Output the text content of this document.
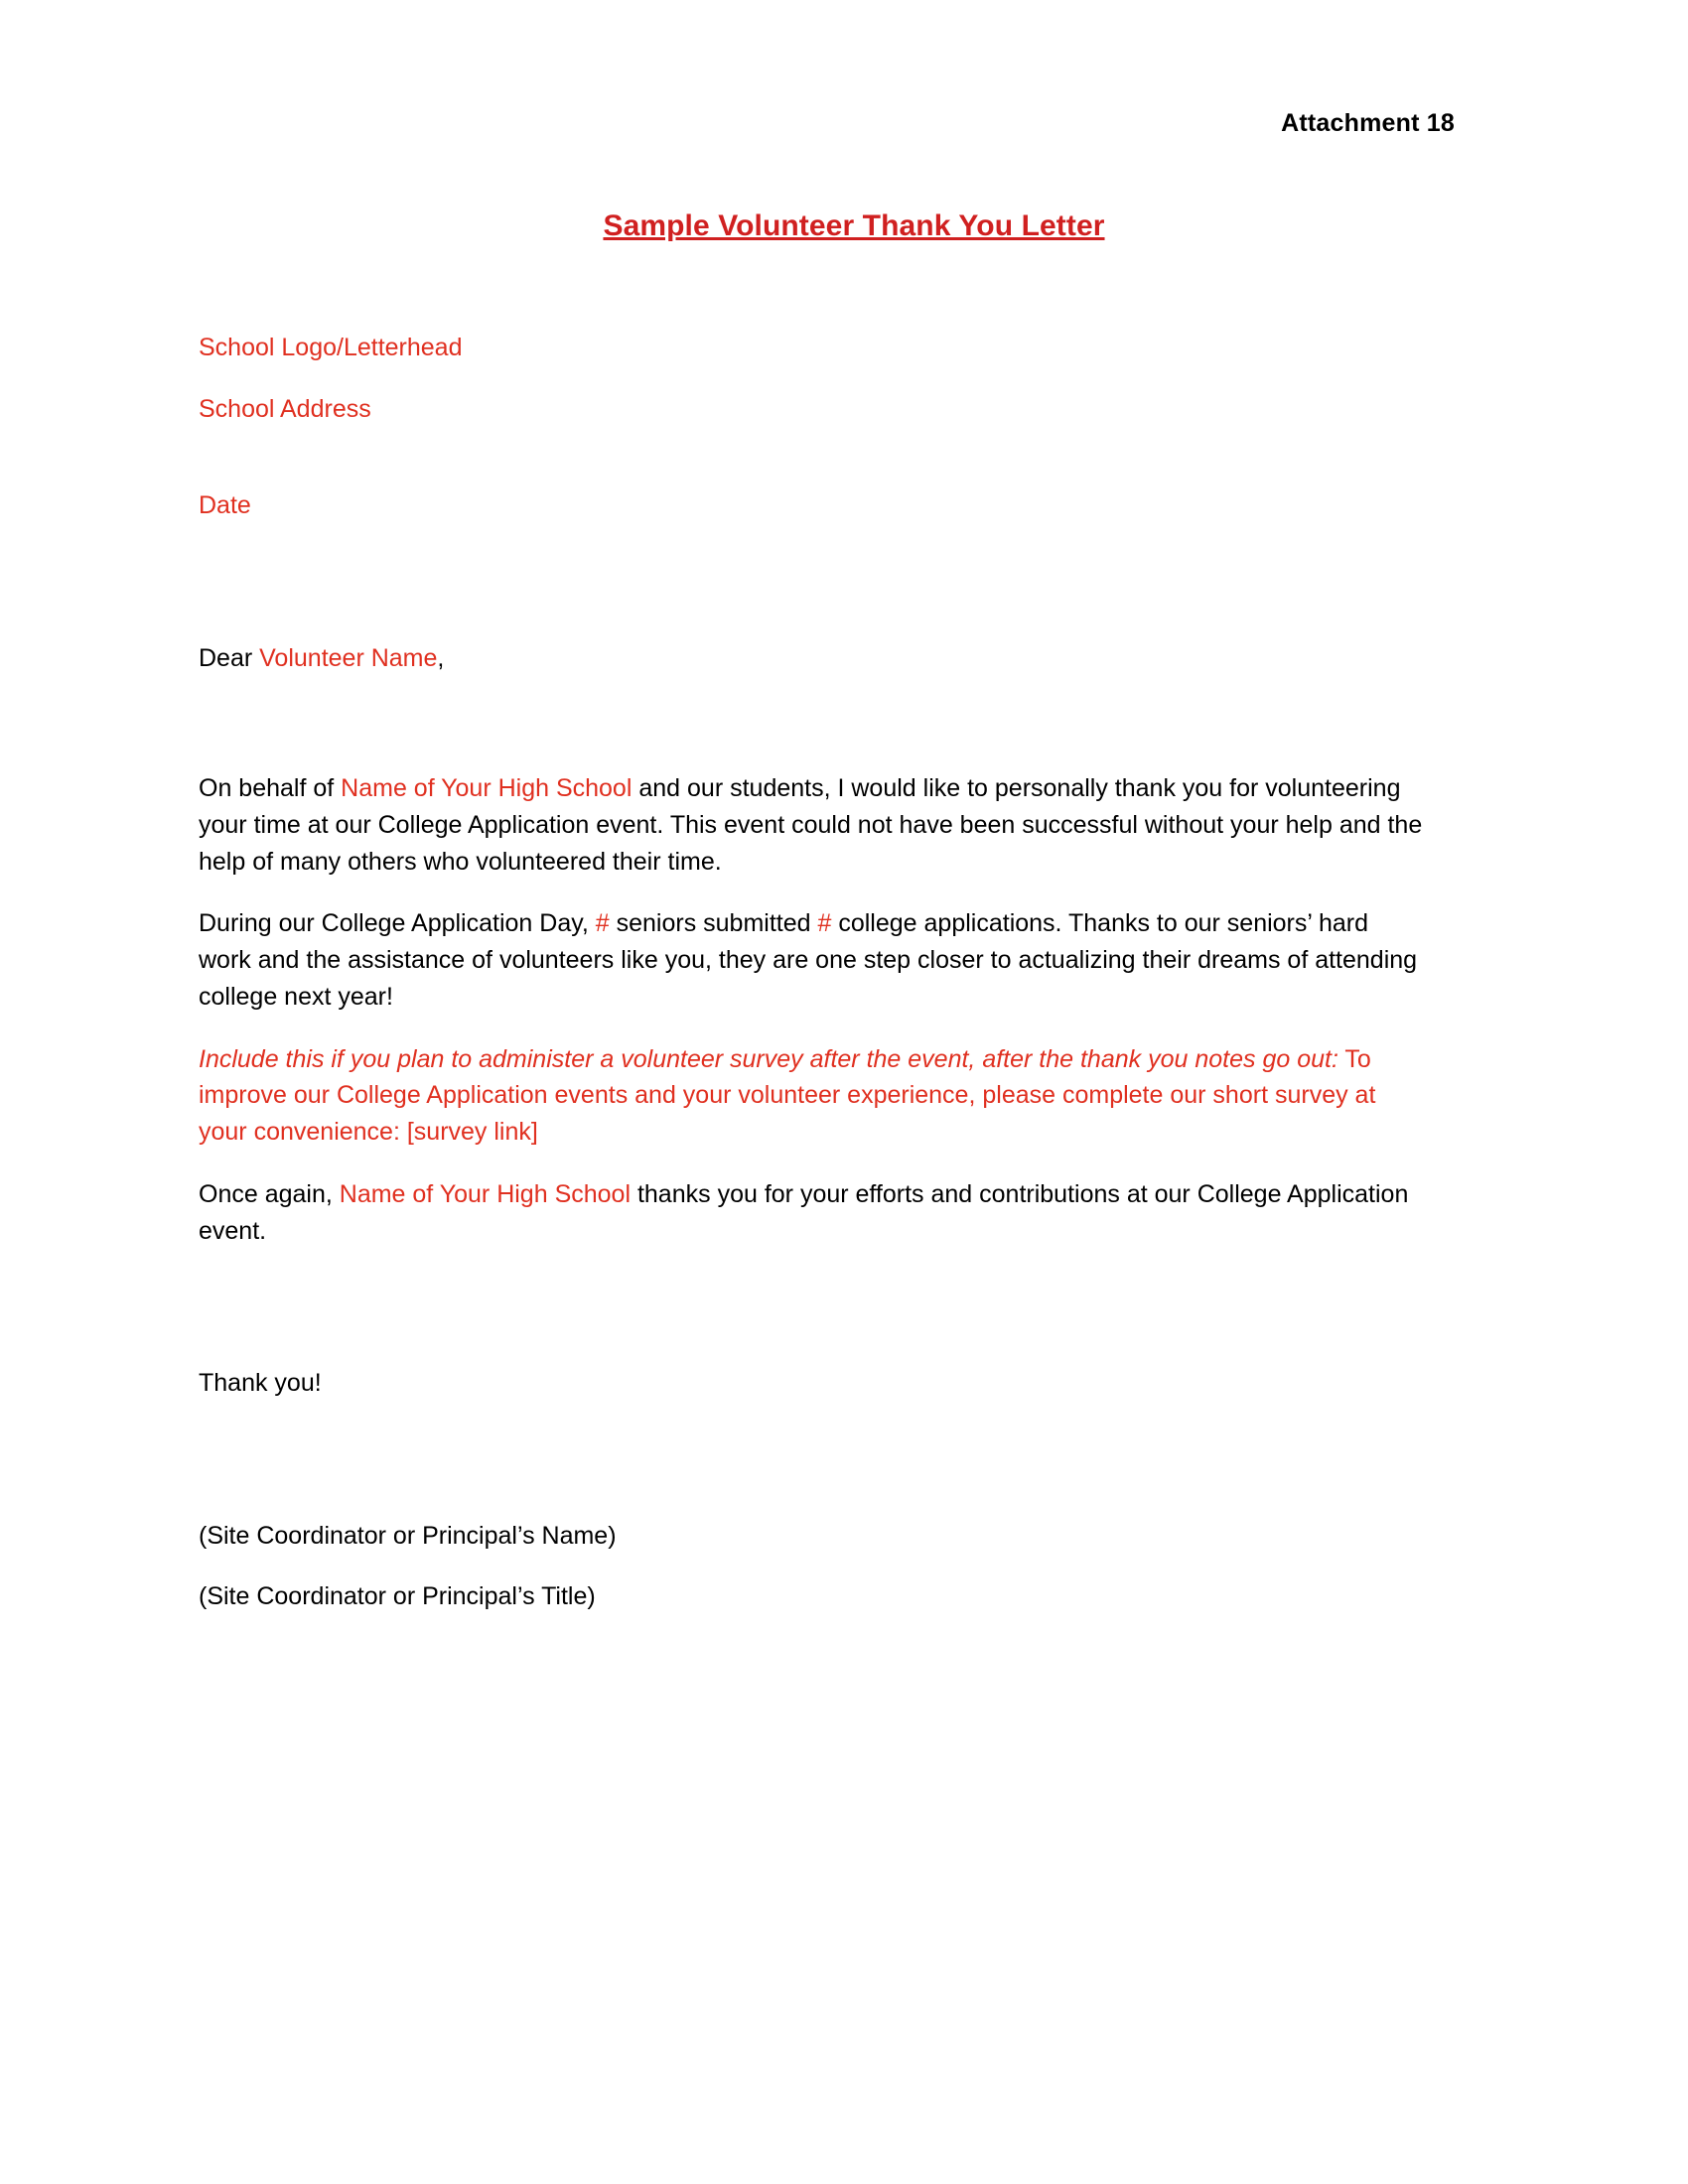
Attachment 18
Sample Volunteer Thank You Letter
School Logo/Letterhead
School Address
Date
Dear Volunteer Name,

On behalf of Name of Your High School and our students, I would like to personally thank you for volunteering your time at our College Application event. This event could not have been successful without your help and the help of many others who volunteered their time.

During our College Application Day, # seniors submitted # college applications. Thanks to our seniors’ hard work and the assistance of volunteers like you, they are one step closer to actualizing their dreams of attending college next year!

Include this if you plan to administer a volunteer survey after the event, after the thank you notes go out: To improve our College Application events and your volunteer experience, please complete our short survey at your convenience: [survey link]

Once again, Name of Your High School thanks you for your efforts and contributions at our College Application event.

Thank you!
(Site Coordinator or Principal’s Name)
(Site Coordinator or Principal’s Title)
